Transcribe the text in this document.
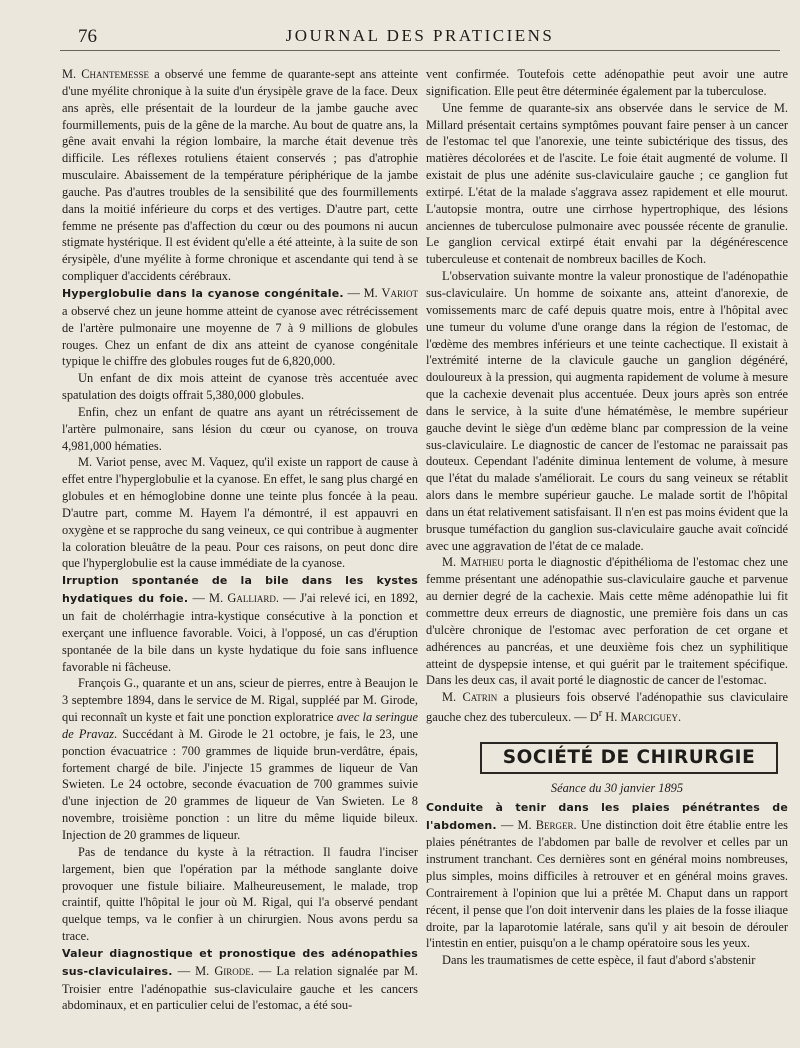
76	JOURNAL DES PRATICIENS

M. Chantemesse a observé une femme de quarante-sept ans atteinte d'une myélite chronique à la suite d'un érysipèle grave de la face. Deux ans après, elle présentait de la lourdeur de la jambe gauche avec fourmillements, puis de la gêne de la marche. Au bout de quatre ans, la gêne avait envahi la région lombaire, la marche était devenue très difficile. Les réflexes rotuliens étaient conservés ; pas d'atrophie musculaire. Abaissement de la température périphérique de la jambe gauche. Pas d'autres troubles de la sensibilité que des fourmillements dans la moitié inférieure du corps et des vertiges. D'autre part, cette femme ne présente pas d'affection du cœur ou des poumons ni aucun stigmate hystérique. Il est évident qu'elle a été atteinte, à la suite de son érysipèle, d'une myélite à forme chronique et ascendante qui tend à se compliquer d'accidents cérébraux.

Hyperglobulie dans la cyanose congénitale. — M. Variot a observé chez un jeune homme atteint de cyanose avec rétrécissement de l'artère pulmonaire une moyenne de 7 à 9 millions de globules rouges. Chez un enfant de dix ans atteint de cyanose congénitale typique le chiffre des globules rouges fut de 6,820,000.

Un enfant de dix mois atteint de cyanose très accentuée avec spatulation des doigts offrait 5,380,000 globules.

Enfin, chez un enfant de quatre ans ayant un rétrécissement de l'artère pulmonaire, sans lésion du cœur ou cyanose, on trouva 4,981,000 hématies.

M. Variot pense, avec M. Vaquez, qu'il existe un rapport de cause à effet entre l'hyperglobulie et la cyanose. En effet, le sang plus chargé en globules et en hémoglobine donne une teinte plus foncée à la peau. D'autre part, comme M. Hayem l'a démontré, il est appauvri en oxygène et se rapproche du sang veineux, ce qui contribue à augmenter la coloration bleuâtre de la peau. Pour ces raisons, on peut donc dire que l'hyperglobulie est la cause immédiate de la cyanose.

Irruption spontanée de la bile dans les kystes hydatiques du foie. — M. Galliard. — J'ai relevé ici, en 1892, un fait de cholérrhagie intra-kystique consécutive à la ponction et exerçant une influence favorable. Voici, à l'opposé, un cas d'éruption spontanée de la bile dans un kyste hydatique du foie sans influence favorable ni fâcheuse.

François G., quarante et un ans, scieur de pierres, entre à Beaujon le 3 septembre 1894, dans le service de M. Rigal, suppléé par M. Girode, qui reconnaît un kyste et fait une ponction exploratrice avec la seringue de Pravaz. Succédant à M. Girode le 21 octobre, je fais, le 23, une ponction évacuatrice : 700 grammes de liquide brun-verdâtre, épais, fortement chargé de bile. J'injecte 15 grammes de liqueur de Van Swieten. Le 24 octobre, seconde évacuation de 700 grammes suivie d'une injection de 20 grammes de liqueur de Van Swieten. Le 8 novembre, troisième ponction : un litre du même liquide bileux. Injection de 20 grammes de liqueur.

Pas de tendance du kyste à la rétraction. Il faudra l'inciser largement, bien que l'opération par la méthode sanglante doive provoquer une fistule biliaire. Malheureusement, le malade, trop craintif, quitte l'hôpital le jour où M. Rigal, qui l'a observé pendant quelque temps, va le confier à un chirurgien. Nous avons perdu sa trace.

Valeur diagnostique et pronostique des adénopathies sus-claviculaires. — M. Girode. — La relation signalée par M. Troisier entre l'adénopathie sus-claviculaire gauche et les cancers abdominaux, et en particulier celui de l'estomac, a été sou-

vent confirmée. Toutefois cette adénopathie peut avoir une autre signification. Elle peut être déterminée également par la tuberculose.

Une femme de quarante-six ans observée dans le service de M. Millard présentait certains symptômes pouvant faire penser à un cancer de l'estomac tel que l'anorexie, une teinte subictérique des tissus, des matières décolorées et de l'ascite. Le foie était augmenté de volume. Il existait de plus une adénite sus-claviculaire gauche ; ce ganglion fut extirpé. L'état de la malade s'aggrava assez rapidement et elle mourut. L'autopsie montra, outre une cirrhose hypertrophique, des lésions anciennes de tuberculose pulmonaire avec poussée récente de granulie. Le ganglion cervical extirpé était envahi par la dégénérescence tuberculeuse et contenait de nombreux bacilles de Koch.

L'observation suivante montre la valeur pronostique de l'adénopathie sus-claviculaire. Un homme de soixante ans, atteint d'anorexie, de vomissements marc de café depuis quatre mois, entre à l'hôpital avec une tumeur du volume d'une orange dans la région de l'estomac, de l'œdème des membres inférieurs et une teinte cachectique. Il existait à l'extrémité interne de la clavicule gauche un ganglion dégénéré, douloureux à la pression, qui augmenta rapidement de volume à mesure que la cachexie devenait plus accentuée. Deux jours après son entrée dans le service, à la suite d'une hématémèse, le membre supérieur gauche devint le siège d'un œdème blanc par compression de la veine sus-claviculaire. Le diagnostic de cancer de l'estomac ne paraissait pas douteux. Cependant l'adénite diminua lentement de volume, à mesure que l'état du malade s'améliorait. Le cours du sang veineux se rétablit alors dans le membre supérieur gauche. Le malade sortit de l'hôpital dans un état relativement satisfaisant. Il n'en est pas moins évident que la brusque tuméfaction du ganglion sus-claviculaire gauche avait coïncidé avec une aggravation de l'état de ce malade.

M. Mathieu porta le diagnostic d'épithélioma de l'estomac chez une femme présentant une adénopathie sus-claviculaire gauche et parvenue au dernier degré de la cachexie. Mais cette même adénopathie lui fit commettre deux erreurs de diagnostic, une première fois dans un cas d'ulcère chronique de l'estomac avec perforation de cet organe et adhérences au pancréas, et une deuxième fois chez un syphilitique atteint de dyspepsie intense, et qui guérit par le traitement spécifique. Dans les deux cas, il avait porté le diagnostic de cancer de l'estomac.

M. Catrin a plusieurs fois observé l'adénopathie sus claviculaire gauche chez des tuberculeux. — $D^r$ H. Marciguey.

SOCIÉTÉ DE CHIRURGIE
Séance du 30 janvier 1895

Conduite à tenir dans les plaies pénétrantes de l'abdomen. — M. Berger. Une distinction doit être établie entre les plaies pénétrantes de l'abdomen par balle de revolver et celles par un instrument tranchant. Ces dernières sont en général moins nombreuses, plus simples, moins difficiles à retrouver et en général moins graves. Contrairement à l'opinion que lui a prêtée M. Chaput dans un rapport récent, il pense que l'on doit intervenir dans les plaies de la fosse iliaque droite, par la laparotomie latérale, sans qu'il y ait besoin de dérouler l'intestin en entier, puisqu'on a le champ opératoire sous les yeux.

Dans les traumatismes de cette espèce, il faut d'abord s'abstenir
